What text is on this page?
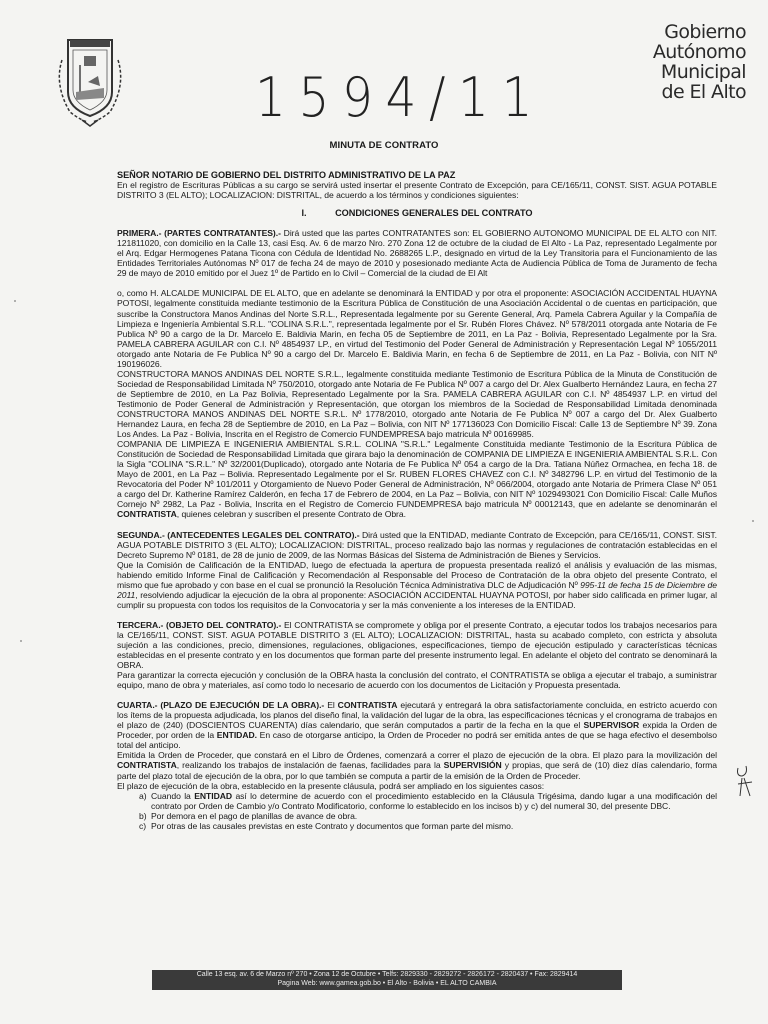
Gobierno
Autónomo
Municipal
de El Alto
1594/11
MINUTA DE CONTRATO

SEÑOR NOTARIO DE GOBIERNO DEL DISTRITO ADMINISTRATIVO DE LA PAZ

En el registro de Escrituras Públicas a su cargo se servirá usted insertar el presente Contrato de Excepción, para CE/165/11, CONST. SIST. AGUA POTABLE DISTRITO 3 (EL ALTO); LOCALIZACION: DISTRITAL, de acuerdo a los términos y condiciones siguientes:

I.	CONDICIONES GENERALES DEL CONTRATO

PRIMERA.- (PARTES CONTRATANTES).- Dirá usted que las partes CONTRATANTES son: EL GOBIERNO AUTONOMO MUNICIPAL DE EL ALTO con NIT. 121811020, con domicilio en la Calle 13, casi Esq. Av. 6 de marzo Nro. 270 Zona 12 de octubre de la ciudad de El Alto - La Paz, representado Legalmente por el Arq. Edgar Hermogenes Patana Ticona con Cédula de Identidad No. 2688265 L.P., designado en virtud de la Ley Transitoria para el Funcionamiento de las Entidades Territoriales Autónomas Nº 017 de fecha 24 de mayo de 2010 y posesionado mediante Acta de Audiencia Pública de Toma de Juramento de fecha 29 de mayo de 2010 emitido por el Juez 1º de Partido en lo Civil – Comercial de la ciudad de El Alt

o, como H. ALCALDE MUNICIPAL DE EL ALTO, que en adelante se denominará la ENTIDAD y por otra el proponente: ASOCIACIÓN ACCIDENTAL HUAYNA POTOSI, legalmente constituida mediante testimonio de la Escritura Pública de Constitución de una Asociación Accidental o de cuentas en participación, que suscribe la Constructora Manos Andinas del Norte S.R.L., Representada legalmente por su Gerente General, Arq. Pamela Cabrera Aguilar y la Compañía de Limpieza e Ingeniería Ambiental S.R.L. "COLINA S.R.L.", representada legalmente por el Sr. Rubén Flores Chávez. Nº 578/2011 otorgada ante Notaria de Fe Publica Nº 90 a cargo de la Dr. Marcelo E. Baldivia Marin, en fecha 05 de Septiembre de 2011, en La Paz - Bolivia, Representado Legalmente por la Sra. PAMELA CABRERA AGUILAR con C.I. Nº 4854937 LP., en virtud del Testimonio del Poder General de Administración y Representación Legal Nº 1055/2011 otorgado ante Notaria de Fe Publica Nº 90 a cargo del Dr. Marcelo E. Baldivia Marin, en fecha 6 de Septiembre de 2011, en La Paz - Bolivia, con NIT Nº 190196026.

CONSTRUCTORA MANOS ANDINAS DEL NORTE S.R.L., legalmente constituida mediante Testimonio de Escritura Pública de la Minuta de Constitución de Sociedad de Responsabilidad Limitada Nº 750/2010, otorgado ante Notaria de Fe Publica Nº 007 a cargo del Dr. Alex Gualberto Hernández Laura, en fecha 27 de Septiembre de 2010, en La Paz Bolivia, Representado Legalmente por la Sra. PAMELA CABRERA AGUILAR con C.I. Nº 4854937 L.P. en virtud del Testimonio de Poder General de Administración y Representación, que otorgan los miembros de la Sociedad de Responsabilidad Limitada denominada CONSTRUCTORA MANOS ANDINAS DEL NORTE S.R.L. Nº 1778/2010, otorgado ante Notaria de Fe Publica Nº 007 a cargo del Dr. Alex Gualberto Hernandez Laura, en fecha 28 de Septiembre de 2010, en La Paz – Bolivia, con NIT Nº 177136023 Con Domicilio Fiscal: Calle 13 de Septiembre Nº 39. Zona Los Andes. La Paz - Bolivia, Inscrita en el Registro de Comercio FUNDEMPRESA bajo matricula Nº 00169985.

COMPANIA DE LIMPIEZA E INGENIERIA AMBIENTAL S.R.L. COLINA "S.R.L." Legalmente Constituida mediante Testimonio de la Escritura Pública de Constitución de Sociedad de Responsabilidad Limitada que girara bajo la denominación de COMPANIA DE LIMPIEZA E INGENIERIA AMBIENTAL S.R.L. Con la Sigla "COLINA "S.R.L." Nº 32/2001(Duplicado), otorgado ante Notaria de Fe Publica Nº 054 a cargo de la Dra. Tatiana Núñez Ormachea, en fecha 18. de Mayo de 2001, en La Paz – Bolivia. Representado Legalmente por el Sr. RUBEN FLORES CHAVEZ con C.I. Nº 3482796 L.P. en virtud del Testimonio de la Revocatoria del Poder Nº 101/2011 y Otorgamiento de Nuevo Poder General de Administración, Nº 066/2004, otorgado ante Notaria de Primera Clase Nº 051 a cargo del Dr. Katherine Ramírez Calderón, en fecha 17 de Febrero de 2004, en La Paz – Bolivia, con NIT Nº 1029493021 Con Domicilio Fiscal: Calle Muños Cornejo Nº 2982, La Paz - Bolivia, Inscrita en el Registro de Comercio FUNDEMPRESA bajo matricula Nº 00012143, que en adelante se denominarán el CONTRATISTA, quienes celebran y suscriben el presente Contrato de Obra.

SEGUNDA.- (ANTECEDENTES LEGALES DEL CONTRATO).- Dirá usted que la ENTIDAD, mediante Contrato de Excepción, para CE/165/11, CONST. SIST. AGUA POTABLE DISTRITO 3 (EL ALTO); LOCALIZACION: DISTRITAL, proceso realizado bajo las normas y regulaciones de contratación establecidas en el Decreto Supremo Nº 0181, de 28 de junio de 2009, de las Normas Básicas del Sistema de Administración de Bienes y Servicios.

Que la Comisión de Calificación de la ENTIDAD, luego de efectuada la apertura de propuesta presentada realizó el análisis y evaluación de las mismas, habiendo emitido Informe Final de Calificación y Recomendación al Responsable del Proceso de Contratación de la obra objeto del presente Contrato, el mismo que fue aprobado y con base en el cual se pronunció la Resolución Técnica Administrativa DLC de Adjudicación Nº 995-11 de fecha 15 de Diciembre de 2011, resolviendo adjudicar la ejecución de la obra al proponente: ASOCIACIÓN ACCIDENTAL HUAYNA POTOSI, por haber sido calificada en primer lugar, al cumplir su propuesta con todos los requisitos de la Convocatoria y ser la más conveniente a los intereses de la ENTIDAD.

TERCERA.- (OBJETO DEL CONTRATO).- El CONTRATISTA se compromete y obliga por el presente Contrato, a ejecutar todos los trabajos necesarios para la CE/165/11, CONST. SIST. AGUA POTABLE DISTRITO 3 (EL ALTO); LOCALIZACION: DISTRITAL, hasta su acabado completo, con estricta y absoluta sujeción a las condiciones, precio, dimensiones, regulaciones, obligaciones, especificaciones, tiempo de ejecución estipulado y características técnicas establecidas en el presente contrato y en los documentos que forman parte del presente instrumento legal. En adelante el objeto del contrato se denominará la OBRA.

Para garantizar la correcta ejecución y conclusión de la OBRA hasta la conclusión del contrato, el CONTRATISTA se obliga a ejecutar el trabajo, a suministrar equipo, mano de obra y materiales, así como todo lo necesario de acuerdo con los documentos de Licitación y Propuesta presentada.

CUARTA.- (PLAZO DE EJECUCIÓN DE LA OBRA).- El CONTRATISTA ejecutará y entregará la obra satisfactoriamente concluida, en estricto acuerdo con los ítems de la propuesta adjudicada, los planos del diseño final, la validación del lugar de la obra, las especificaciones técnicas y el cronograma de trabajos en el plazo de (240) (DOSCIENTOS CUARENTA) días calendario, que serán computados a partir de la fecha en la que el SUPERVISOR expida la Orden de Proceder, por orden de la ENTIDAD. En caso de otorgarse anticipo, la Orden de Proceder no podrá ser emitida antes de que se haga efectivo el desembolso total del anticipo.

Emitida la Orden de Proceder, que constará en el Libro de Órdenes, comenzará a correr el plazo de ejecución de la obra. El plazo para la movilización del CONTRATISTA, realizando los trabajos de instalación de faenas, facilidades para la SUPERVISIÓN y propias, que será de (10) diez días calendario, forma parte del plazo total de ejecución de la obra, por lo que también se computa a partir de la emisión de la Orden de Proceder.

El plazo de ejecución de la obra, establecido en la presente cláusula, podrá ser ampliado en los siguientes casos:

a) Cuando la ENTIDAD así lo determine de acuerdo con el procedimiento establecido en la Cláusula Trigésima, dando lugar a una modificación del contrato por Orden de Cambio y/o Contrato Modificatorio, conforme lo establecido en los incisos b) y c) del numeral 30, del presente DBC.
b) Por demora en el pago de planillas de avance de obra.
c) Por otras de las causales previstas en este Contrato y documentos que forman parte del mismo.
Calle 13 esq. av. 6 de Marzo nº 270 • Zona 12 de Octubre • Telfs: 2829330 - 2829272 - 2826172 - 2820437 • Fax: 2829414
Pagina Web: www.gamea.gob.bo • El Alto - Bolivia • EL ALTO CAMBIA
